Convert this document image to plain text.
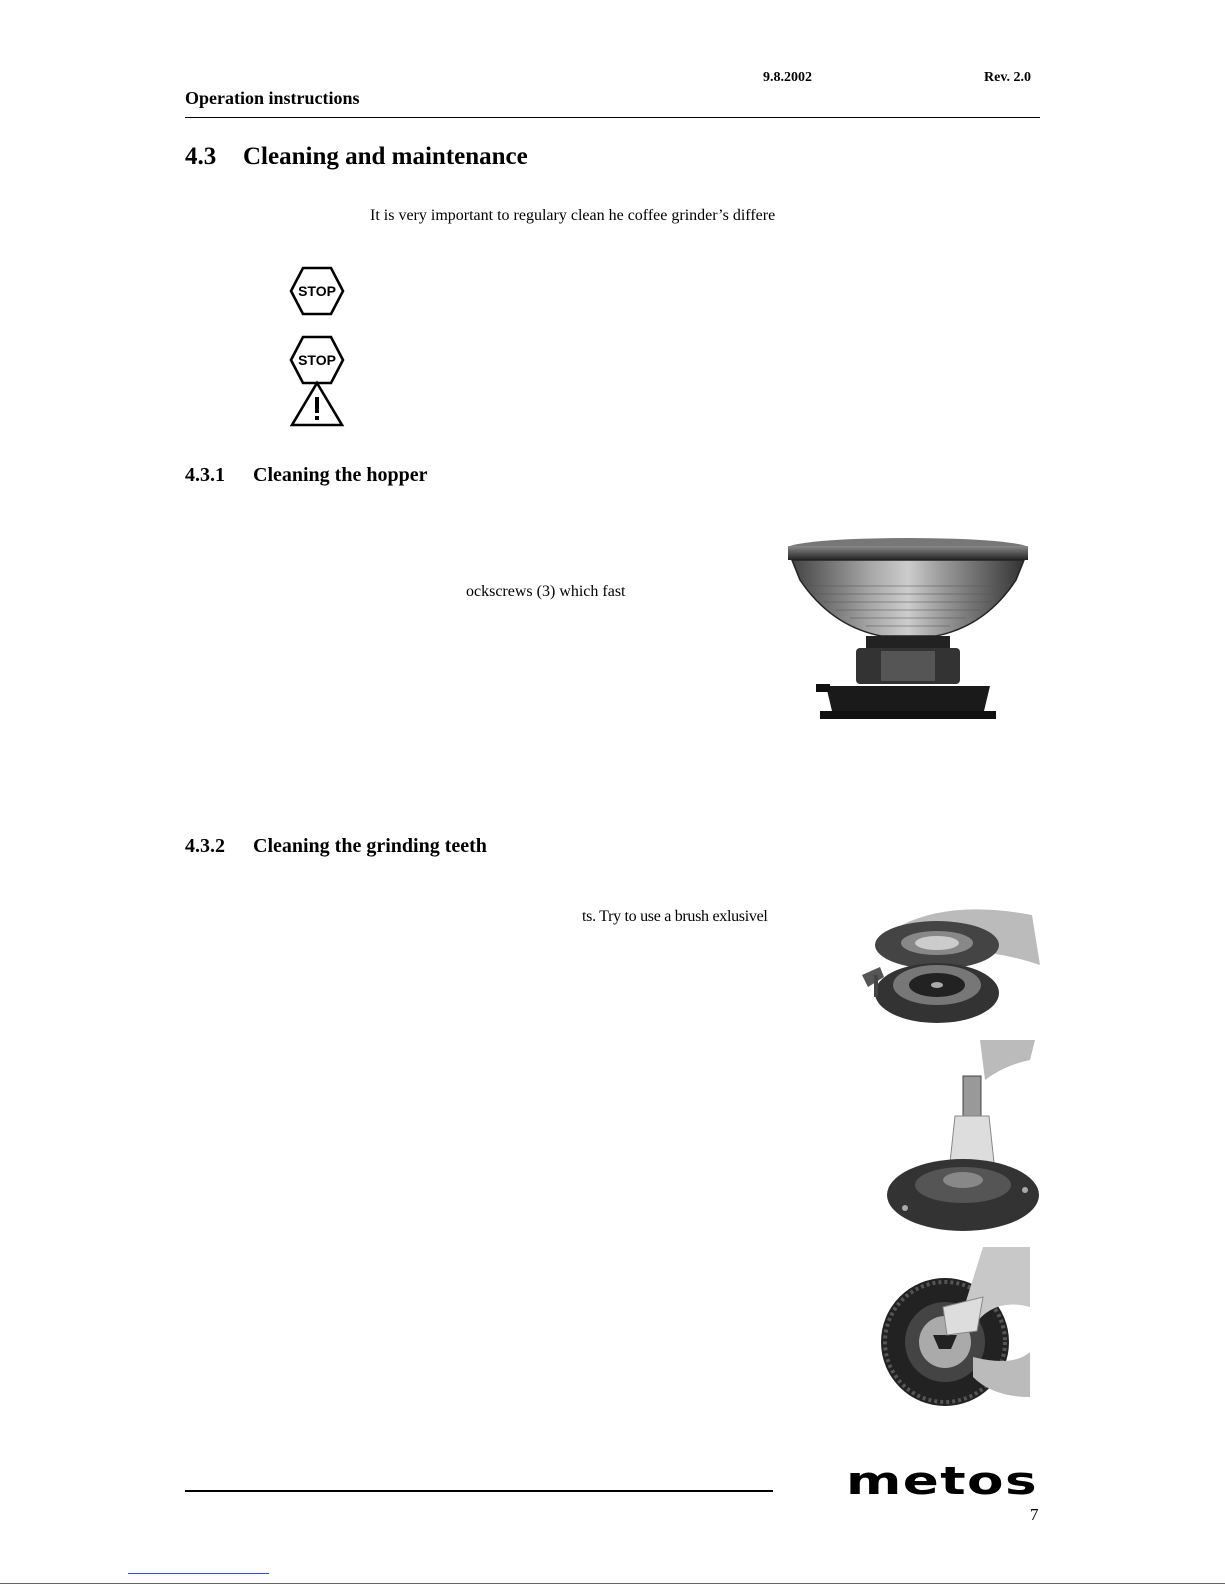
9.8.2002	Rev. 2.0
Operation instructions
4.3 Cleaning and maintenance
It is very important to regulary clean he coffee grinder’s differe
STOP
STOP
4.3.1 Cleaning the hopper
ockscrews (3) which fast
4.3.2 Cleaning the grinding teeth
ts. Try to use a brush exlusivel
metos
7
